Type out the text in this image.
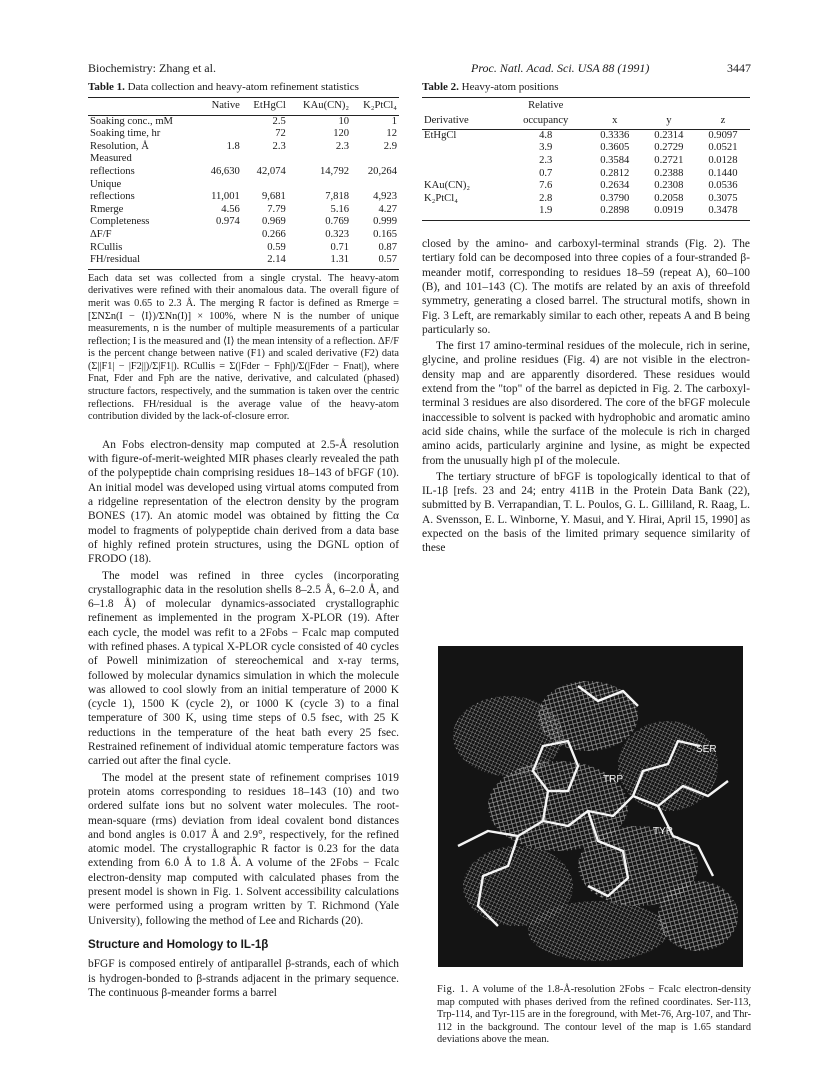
Biochemistry: Zhang et al.	Proc. Natl. Acad. Sci. USA 88 (1991)	3447
Table 1. Data collection and heavy-atom refinement statistics
	Native	EtHgCl	KAu(CN)₂	K₂PtCl₄
Soaking conc., mM		2.5	10	1
Soaking time, hr		72	120	12
Resolution, Å	1.8	2.3	2.3	2.9
Measured				
reflections	46,630	42,074	14,792	20,264
Unique				
reflections	11,001	9,681	7,818	4,923
Rmerge	4.56	7.79	5.16	4.27
Completeness	0.974	0.969	0.769	0.999
ΔF/F		0.266	0.323	0.165
RCullis		0.59	0.71	0.87
FH/residual		2.14	1.31	0.57
Each data set was collected from a single crystal. The heavy-atom derivatives were refined with their anomalous data. The overall figure of merit was 0.65 to 2.3 Å. The merging R factor is defined as Rmerge = [ΣNΣn(I − ⟨I⟩)/ΣNn(I)] × 100%, where N is the number of unique measurements, n is the number of multiple measurements of a particular reflection; I is the measured and ⟨I⟩ the mean intensity of a reflection. ΔF/F is the percent change between native (F1) and scaled derivative (F2) data (Σ||F1| − |F2||)/Σ|F1|). RCullis = Σ(|Fder − Fph|)/Σ(|Fder − Fnat|), where Fnat, Fder and Fph are the native, derivative, and calculated (phased) structure factors, respectively, and the summation is taken over the centric reflections. FH/residual is the average value of the heavy-atom contribution divided by the lack-of-closure error.

An Fobs electron-density map computed at 2.5-Å resolution with figure-of-merit-weighted MIR phases clearly revealed the path of the polypeptide chain comprising residues 18–143 of bFGF (10). An initial model was developed using virtual atoms computed from a ridgeline representation of the electron density by the program BONES (17). An atomic model was obtained by fitting the Cα model to fragments of polypeptide chain derived from a data base of highly refined protein structures, using the DGNL option of FRODO (18).

The model was refined in three cycles (incorporating crystallographic data in the resolution shells 8–2.5 Å, 6–2.0 Å, and 6–1.8 Å) of molecular dynamics-associated crystallographic refinement as implemented in the program X-PLOR (19). After each cycle, the model was refit to a 2Fobs − Fcalc map computed with refined phases. A typical X-PLOR cycle consisted of 40 cycles of Powell minimization of stereochemical and x-ray terms, followed by molecular dynamics simulation in which the molecule was allowed to cool slowly from an initial temperature of 2000 K (cycle 1), 1500 K (cycle 2), or 1000 K (cycle 3) to a final temperature of 300 K, using time steps of 0.5 fsec, with 25 K reductions in the temperature of the heat bath every 25 fsec. Restrained refinement of individual atomic temperature factors was carried out after the final cycle.

The model at the present state of refinement comprises 1019 protein atoms corresponding to residues 18–143 (10) and two ordered sulfate ions but no solvent water molecules. The root-mean-square (rms) deviation from ideal covalent bond distances and bond angles is 0.017 Å and 2.9°, respectively, for the refined atomic model. The crystallographic R factor is 0.23 for the data extending from 6.0 Å to 1.8 Å. A volume of the 2Fobs − Fcalc electron-density map computed with calculated phases from the present model is shown in Fig. 1. Solvent accessibility calculations were performed using a program written by T. Richmond (Yale University), following the method of Lee and Richards (20).

Structure and Homology to IL-1β

bFGF is composed entirely of antiparallel β-strands, each of which is hydrogen-bonded to β-strands adjacent in the primary sequence. The continuous β-meander forms a barrel

Table 2. Heavy-atom positions
Derivative	Relative occupancy	x	y	z
EtHgCl	4.8	0.3336	0.2314	0.9097
	3.9	0.3605	0.2729	0.0521
	2.3	0.3584	0.2721	0.0128
	0.7	0.2812	0.2388	0.1440
KAu(CN)₂	7.6	0.2634	0.2308	0.0536
K₂PtCl₄	2.8	0.3790	0.2058	0.3075
	1.9	0.2898	0.0919	0.3478

closed by the amino- and carboxyl-terminal strands (Fig. 2). The tertiary fold can be decomposed into three copies of a four-stranded β-meander motif, corresponding to residues 18–59 (repeat A), 60–100 (B), and 101–143 (C). The motifs are related by an axis of threefold symmetry, generating a closed barrel. The structural motifs, shown in Fig. 3 Left, are remarkably similar to each other, repeats A and B being particularly so.

The first 17 amino-terminal residues of the molecule, rich in serine, glycine, and proline residues (Fig. 4) are not visible in the electron-density map and are apparently disordered. These residues would extend from the "top" of the barrel as depicted in Fig. 2. The carboxyl-terminal 3 residues are also disordered. The core of the bFGF molecule inaccessible to solvent is packed with hydrophobic and aromatic amino acid side chains, while the surface of the molecule is rich in charged amino acids, particularly arginine and lysine, as might be expected from the unusually high pI of the molecule.

The tertiary structure of bFGF is topologically identical to that of IL-1β [refs. 23 and 24; entry 411B in the Protein Data Bank (22), submitted by B. Verrapandian, T. L. Poulos, G. L. Gilliland, R. Raag, L. A. Svensson, E. L. Winborne, Y. Masui, and Y. Hirai, April 15, 1990] as expected on the basis of the limited primary sequence similarity of these

SER
TRP
TYR
Fig. 1. A volume of the 1.8-Å-resolution 2Fobs − Fcalc electron-density map computed with phases derived from the refined coordinates. Ser-113, Trp-114, and Tyr-115 are in the foreground, with Met-76, Arg-107, and Thr-112 in the background. The contour level of the map is 1.65 standard deviations above the mean.
